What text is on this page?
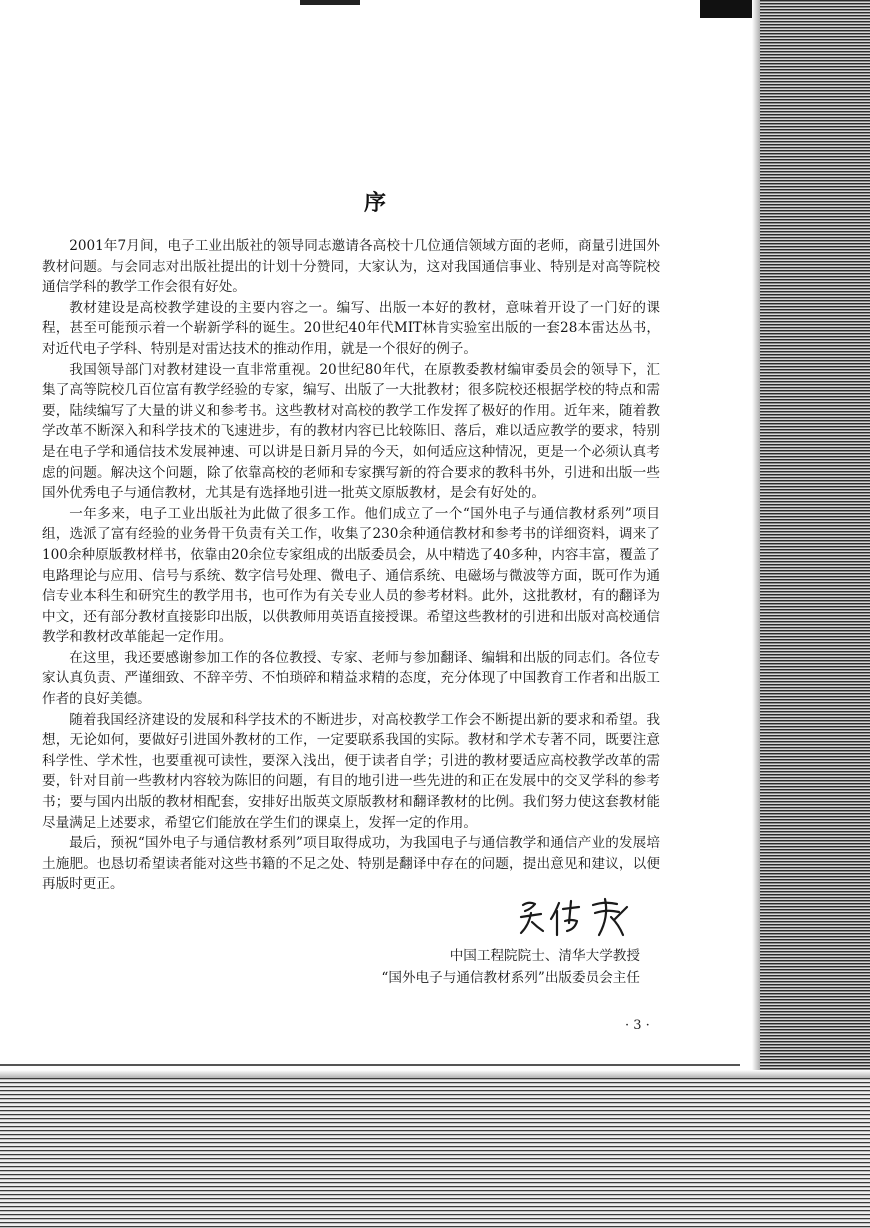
序

2001年7月间，电子工业出版社的领导同志邀请各高校十几位通信领域方面的老师，商量引进国外教材问题。与会同志对出版社提出的计划十分赞同，大家认为，这对我国通信事业、特别是对高等院校通信学科的教学工作会很有好处。

教材建设是高校教学建设的主要内容之一。编写、出版一本好的教材，意味着开设了一门好的课程，甚至可能预示着一个崭新学科的诞生。20世纪40年代MIT林肯实验室出版的一套28本雷达丛书，对近代电子学科、特别是对雷达技术的推动作用，就是一个很好的例子。

我国领导部门对教材建设一直非常重视。20世纪80年代，在原教委教材编审委员会的领导下，汇集了高等院校几百位富有教学经验的专家，编写、出版了一大批教材；很多院校还根据学校的特点和需要，陆续编写了大量的讲义和参考书。这些教材对高校的教学工作发挥了极好的作用。近年来，随着教学改革不断深入和科学技术的飞速进步，有的教材内容已比较陈旧、落后，难以适应教学的要求，特别是在电子学和通信技术发展神速、可以讲是日新月异的今天，如何适应这种情况，更是一个必须认真考虑的问题。解决这个问题，除了依靠高校的老师和专家撰写新的符合要求的教科书外，引进和出版一些国外优秀电子与通信教材，尤其是有选择地引进一批英文原版教材，是会有好处的。

一年多来，电子工业出版社为此做了很多工作。他们成立了一个“国外电子与通信教材系列”项目组，选派了富有经验的业务骨干负责有关工作，收集了230余种通信教材和参考书的详细资料，调来了100余种原版教材样书，依靠由20余位专家组成的出版委员会，从中精选了40多种，内容丰富，覆盖了电路理论与应用、信号与系统、数字信号处理、微电子、通信系统、电磁场与微波等方面，既可作为通信专业本科生和研究生的教学用书，也可作为有关专业人员的参考材料。此外，这批教材，有的翻译为中文，还有部分教材直接影印出版，以供教师用英语直接授课。希望这些教材的引进和出版对高校通信教学和教材改革能起一定作用。

在这里，我还要感谢参加工作的各位教授、专家、老师与参加翻译、编辑和出版的同志们。各位专家认真负责、严谨细致、不辞辛劳、不怕琐碎和精益求精的态度，充分体现了中国教育工作者和出版工作者的良好美德。

随着我国经济建设的发展和科学技术的不断进步，对高校教学工作会不断提出新的要求和希望。我想，无论如何，要做好引进国外教材的工作，一定要联系我国的实际。教材和学术专著不同，既要注意科学性、学术性，也要重视可读性，要深入浅出，便于读者自学；引进的教材要适应高校教学改革的需要，针对目前一些教材内容较为陈旧的问题，有目的地引进一些先进的和正在发展中的交叉学科的参考书；要与国内出版的教材相配套，安排好出版英文原版教材和翻译教材的比例。我们努力使这套教材能尽量满足上述要求，希望它们能放在学生们的课桌上，发挥一定的作用。

最后，预祝“国外电子与通信教材系列”项目取得成功，为我国电子与通信教学和通信产业的发展培土施肥。也恳切希望读者能对这些书籍的不足之处、特别是翻译中存在的问题，提出意见和建议，以便再版时更正。

中国工程院院士、清华大学教授
“国外电子与通信教材系列”出版委员会主任
· 3 ·
